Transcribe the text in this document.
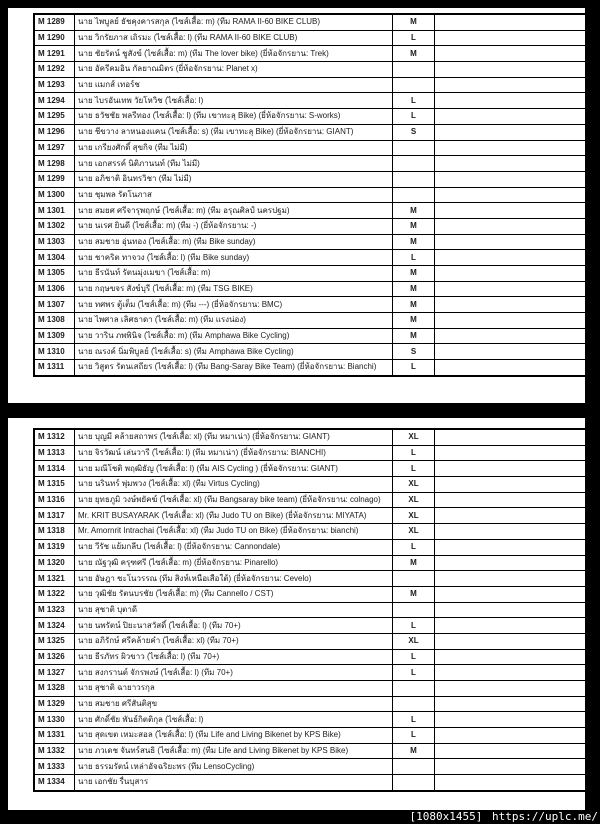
M 1289	นาย ไพบูลย์ ธัชคุงคารสกุล (ไซส์เสื้อ: m) (ทีม RAMA II-60 BIKE CLUB)	M	
M 1290	นาย วิกรัยภาส เถิรมะ (ไซส์เสื้อ: l) (ทีม RAMA II-60 BIKE CLUB)	L	
M 1291	นาย ชัยรัตน์ ชูสังข์ (ไซส์เสื้อ: m) (ทีม The lover bike) (ยี่ห้อจักรยาน: Trek)	M	
M 1292	นาย อัครีคมอิน กัลยาณมิตร (ยี่ห้อจักรยาน: Planet x)		
M 1293	นาย แมกส์ เทอร์ช		
M 1294	นาย ไบรอันเทพ วัยโหวิช (ไซส์เสื้อ: l)	L	
M 1295	นาย ธวัชชัย พลรีทอง (ไซส์เสื้อ: l) (ทีม เขาทะลุ Bike) (ยี่ห้อจักรยาน: S-works)	L	
M 1296	นาย ชีขวาง ลาหนองแคน (ไซส์เสื้อ: s) (ทีม เขาทะลุ Bike) (ยี่ห้อจักรยาน: GIANT)	S	
M 1297	นาย เกรียงศักดิ์ สุขกิจ (ทีม ไม่มี)		
M 1298	นาย เอกสรรค์ นิติภานนท์ (ทีม ไม่มี)		
M 1299	นาย อภิชาติ อินทรวิชา (ทีม ไม่มี)		
M 1300	นาย ชุมพล รัตโนภาส		
M 1301	นาย สมยศ ศรีจารุพฤกษ์ (ไซส์เสื้อ: m) (ทีม อรุณศิลป์ นครปฐม)	M	
M 1302	นาย นเรศ ยินดี (ไซส์เสื้อ: m) (ทีม -) (ยี่ห้อจักรยาน: -)	M	
M 1303	นาย สมชาย อุ่นทอง (ไซส์เสื้อ: m) (ทีม Bike sunday)	M	
M 1304	นาย ชาคริต ทาจวง (ไซส์เสื้อ: l) (ทีม Bike sunday)	L	
M 1305	นาย ธีรนันท์ รัตนมุ่งเมฆา (ไซส์เสื้อ: m)	M	
M 1306	นาย กฤษขจร สังข์บุรี (ไซส์เสื้อ: m) (ทีม TSG BIKE)	M	
M 1307	นาย ทศพร ตู้เต็ม (ไซส์เสื้อ: m) (ทีม ---) (ยี่ห้อจักรยาน: BMC)	M	
M 1308	นาย ไพศาล เลิศธาดา (ไซส์เสื้อ: m) (ทีม แรงน่อง)	M	
M 1309	นาย วาริน ภพพินิจ (ไซส์เสื้อ: m) (ทีม Amphawa Bike Cycling)	M	
M 1310	นาย ณรงค์ นิ่มพิบูลย์ (ไซส์เสื้อ: s) (ทีม Amphawa Bike Cycling)	S	
M 1311	นาย วิสูตร รัตนเสถียร (ไซส์เสื้อ: l) (ทีม Bang-Saray Bike Team) (ยี่ห้อจักรยาน: Bianchi)	L	
M 1312	นาย บุญมี คล้ายสถาพร (ไซส์เสื้อ: xl) (ทีม หมาเน่า) (ยี่ห้อจักรยาน: GIANT)	XL	
M 1313	นาย จิรวัฒน์ เล่นวารี (ไซส์เสื้อ: l) (ทีม หมาเน่า) (ยี่ห้อจักรยาน: BIANCHI)	L	
M 1314	นาย มณีโชติ พฤฒิธัญ (ไซส์เสื้อ: l) (ทีม AIS Cycling ) (ยี่ห้อจักรยาน: GIANT)	L	
M 1315	นาย นรินทร์ พุ่มพวง (ไซส์เสื้อ: xl) (ทีม Virtus Cycling)	XL	
M 1316	นาย ยุทธภูมิ วงษ์พยัคฆ์ (ไซส์เสื้อ: xl) (ทีม Bangsaray bike team) (ยี่ห้อจักรยาน: colnago)	XL	
M 1317	Mr. KRIT BUSAYARAK (ไซส์เสื้อ: xl) (ทีม Judo TU on Bike) (ยี่ห้อจักรยาน: MIYATA)	XL	
M 1318	Mr. Amornrit Intrachai (ไซส์เสื้อ: xl) (ทีม Judo TU on Bike) (ยี่ห้อจักรยาน: bianchi)	XL	
M 1319	นาย วีรัช แย้มกลีบ (ไซส์เสื้อ: l) (ยี่ห้อจักรยาน: Cannondale)	L	
M 1320	นาย ณัฐวุฒิ ครุฑศรี (ไซส์เสื้อ: m) (ยี่ห้อจักรยาน: Pinarello)	M	
M 1321	นาย อัษฎา ชะโนวรรณ (ทีม สิงห์เหนือเสือใต้) (ยี่ห้อจักรยาน: Cevelo)		
M 1322	นาย วุฒิชัย รัตนบรชัย (ไซส์เสื้อ: m) (ทีม Cannello / CST)	M	
M 1323	นาย สุชาติ บุตาดี		
M 1324	นาย นพรัตน์ ปิยะนาสวัสดิ์ (ไซส์เสื้อ: l) (ทีม 70+)	L	
M 1325	นาย อภิรักษ์ ศรีคล้ายคำ (ไซส์เสื้อ: xl) (ทีม 70+)	XL	
M 1326	นาย ธีรภัทร ผิวขาว (ไซส์เสื้อ: l) (ทีม 70+)	L	
M 1327	นาย สงกรานต์ จักรพงษ์ (ไซส์เสื้อ: l) (ทีม 70+)	L	
M 1328	นาย สุชาติ ฉายาวรกุล		
M 1329	นาย สมชาย ศรีสันติสุข		
M 1330	นาย ศักดิ์ชัย พันธ์กิตติกุล (ไซส์เสื้อ: l)	L	
M 1331	นาย สุดเขต เหมะสอล (ไซส์เสื้อ: l) (ทีม Life and Living Bikenet by KPS Bike)	L	
M 1332	นาย ภวเดช จันทร์สนธิ (ไซส์เสื้อ: m) (ทีม Life and Living Bikenet by KPS Bike)	M	
M 1333	นาย ธรรมรัตน์ เหล่าอัจฉริยะพร (ทีม LensoCycling)		
M 1334	นาย เอกชัย รื่นบุสาร		
[1080x1455] https://uplc.me/
